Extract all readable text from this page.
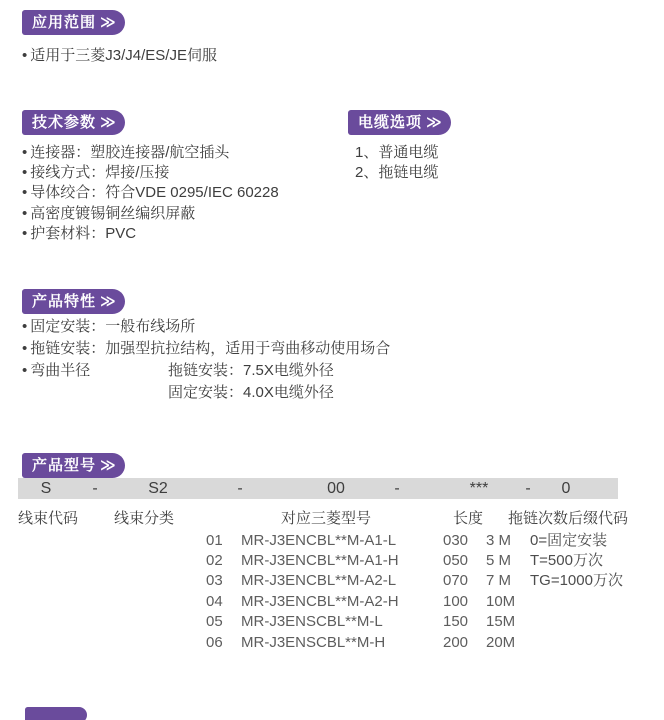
应用范围 ≫
• 适用于三菱J3/J4/ES/JE伺服
技术参数 ≫
• 连接器：塑胶连接器/航空插头
• 接线方式：焊接/压接
• 导体绞合：符合VDE 0295/IEC 60228
• 高密度镀锡铜丝编织屏蔽
• 护套材料：PVC
电缆选项 ≫
1、普通电缆
2、拖链电缆
产品特性 ≫
• 固定安装：一般布线场所
• 拖链安装：加强型抗拉结构，适用于弯曲移动使用场合
• 弯曲半径	拖链安装：7.5X电缆外径
固定安装：4.0X电缆外径
产品型号 ≫
S	-	S2	-	00	-	*** - 0
线束代码 线束分类	对应三菱型号	长度 拖链次数后缀代码
01 MR-J3ENCBL**M-A1-L	030 3 M 0=固定安装
02 MR-J3ENCBL**M-A1-H	050 5 M T=500万次
03 MR-J3ENCBL**M-A2-L	070 7 M TG=1000万次
04 MR-J3ENCBL**M-A2-H	100 10M
05 MR-J3ENSCBL**M-L	150 15M
06 MR-J3ENSCBL**M-H	200 20M
